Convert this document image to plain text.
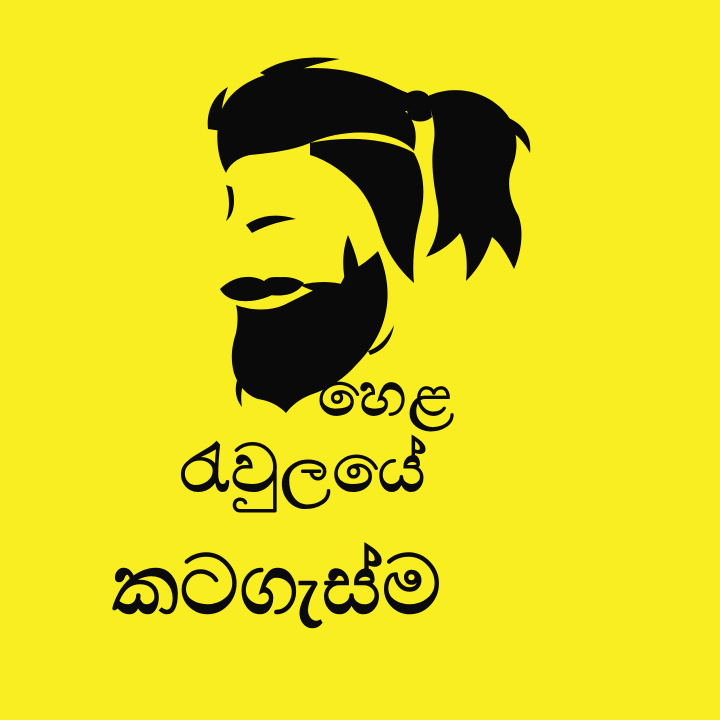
හෙළ
රැවුලයේ
කටගැස්ම
